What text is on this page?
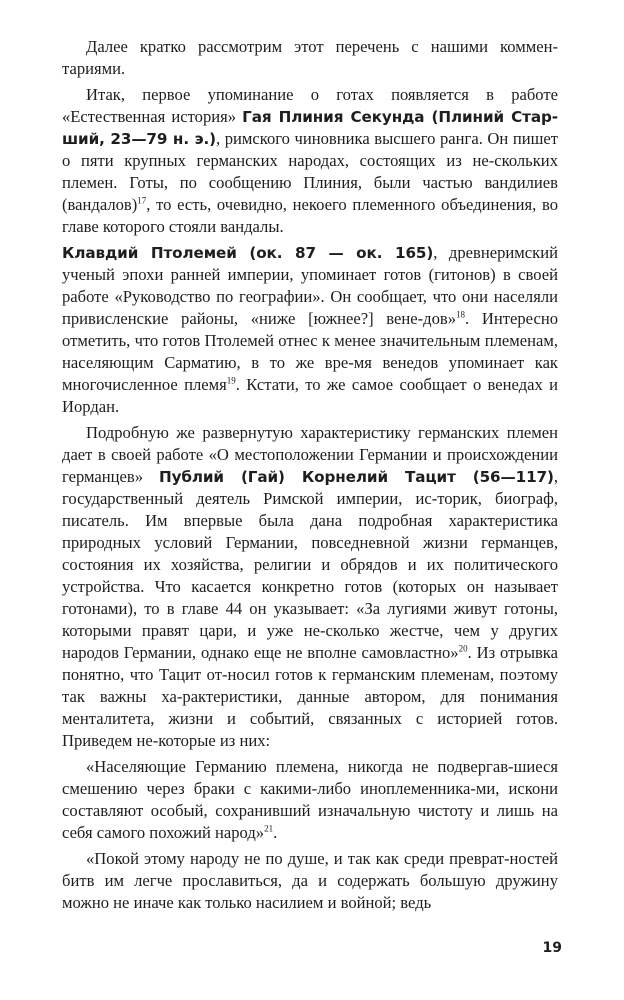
Далее кратко рассмотрим этот перечень с нашими коммен-тариями.

Итак, первое упоминание о готах появляется в работе «Естественная история» Гая Плиния Секунда (Плиний Стар-ший, 23—79 н. э.), римского чиновника высшего ранга. Он пишет о пяти крупных германских народах, состоящих из не-скольких племен. Готы, по сообщению Плиния, были частью вандилиев (вандалов)$^{17}$, то есть, очевидно, некоего племенного объединения, во главе которого стояли вандалы.

Клавдий Птолемей (ок. 87 — ок. 165), древнеримский ученый эпохи ранней империи, упоминает готов (гитонов) в своей работе «Руководство по географии». Он сообщает, что они населяли привисленские районы, «ниже [южнее?] вене-дов»$^{18}$. Интересно отметить, что готов Птолемей отнес к менее значительным племенам, населяющим Сарматию, в то же вре-мя венедов упоминает как многочисленное племя$^{19}$. Кстати, то же самое сообщает о венедах и Иордан.

Подробную же развернутую характеристику германских племен дает в своей работе «О местоположении Германии и происхождении германцев» Публий (Гай) Корнелий Тацит (56—117), государственный деятель Римской империи, ис-торик, биограф, писатель. Им впервые была дана подробная характеристика природных условий Германии, повседневной жизни германцев, состояния их хозяйства, религии и обрядов и их политического устройства. Что касается конкретно готов (которых он называет готонами), то в главе 44 он указывает: «За лугиями живут готоны, которыми правят цари, и уже не-сколько жестче, чем у других народов Германии, однако еще не вполне самовластно»$^{20}$. Из отрывка понятно, что Тацит от-носил готов к германским племенам, поэтому так важны ха-рактеристики, данные автором, для понимания менталитета, жизни и событий, связанных с историей готов. Приведем не-которые из них:

«Населяющие Германию племена, никогда не подвергав-шиеся смешению через браки с какими-либо иноплеменника-ми, искони составляют особый, сохранивший изначальную чистоту и лишь на себя самого похожий народ»$^{21}$.

«Покой этому народу не по душе, и так как среди преврат-ностей битв им легче прославиться, да и содержать большую дружину можно не иначе как только насилием и войной; ведь

19
